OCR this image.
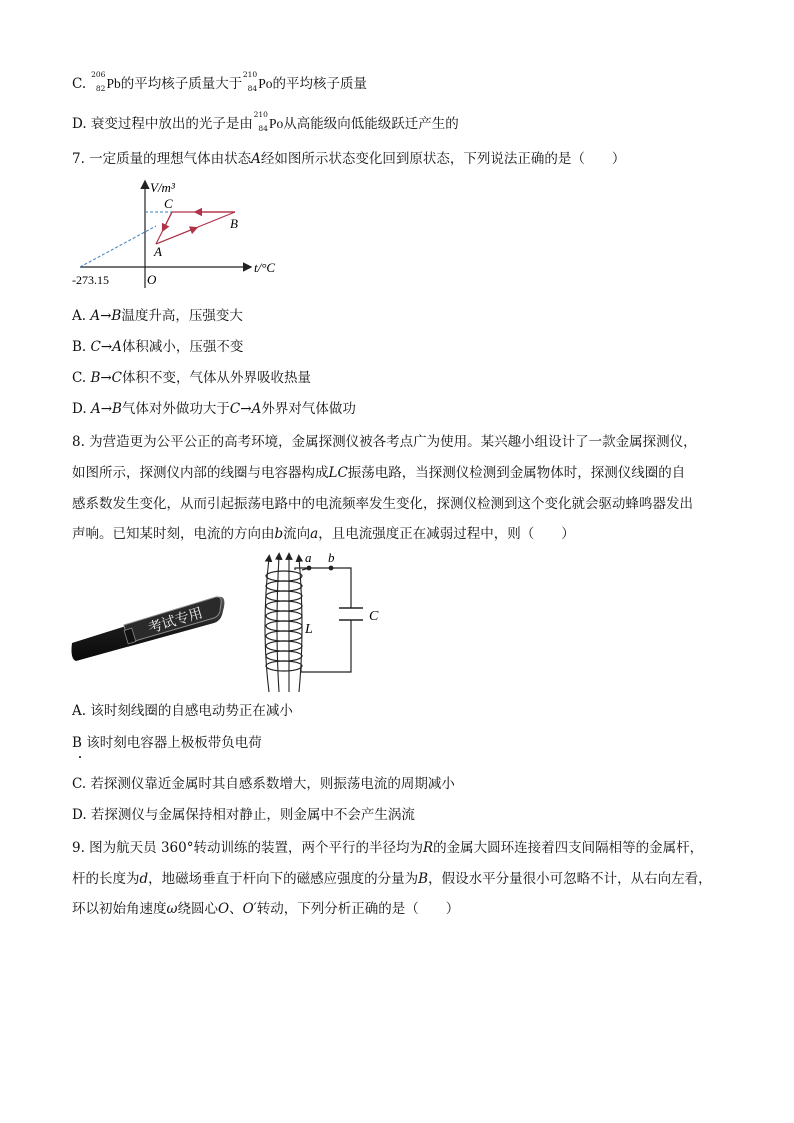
C.
206
82 Pb的平均核子质量大于
210
84 Po的平均核子质量
D. 衰变过程中放出的光子是由
210
84 Po从高能级向低能级跃迁产生的
7. 一定质量的理想气体由状态A经如图所示状态变化回到原状态，下列说法正确的是（　　）
V/m³
t/°C
O
-273.15
A
B
C
A. A→B温度升高，压强变大
B. C→A体积减小，压强不变
C. B→C体积不变，气体从外界吸收热量
D. A→B气体对外做功大于C→A外界对气体做功
8. 为营造更为公平公正的高考环境，金属探测仪被各考点广为使用。某兴趣小组设计了一款金属探测仪，
如图所示，探测仪内部的线圈与电容器构成LC振荡电路，当探测仪检测到金属物体时，探测仪线圈的自
感系数发生变化，从而引起振荡电路中的电流频率发生变化，探测仪检测到这个变化就会驱动蜂鸣器发出
声响。已知某时刻，电流的方向由b流向a，且电流强度正在减弱过程中，则（　　）
考试专用
a b
L
C
A. 该时刻线圈的自感电动势正在减小
B 该时刻电容器上极板带负电荷
C. 若探测仪靠近金属时其自感系数增大，则振荡电流的周期减小
D. 若探测仪与金属保持相对静止，则金属中不会产生涡流
9. 图为航天员 360°转动训练的装置，两个平行的半径均为R的金属大圆环连接着四支间隔相等的金属杆，
杆的长度为d，地磁场垂直于杆向下的磁感应强度的分量为B，假设水平分量很小可忽略不计，从右向左看，
环以初始角速度ω绕圆心O、O′转动，下列分析正确的是（　　）
